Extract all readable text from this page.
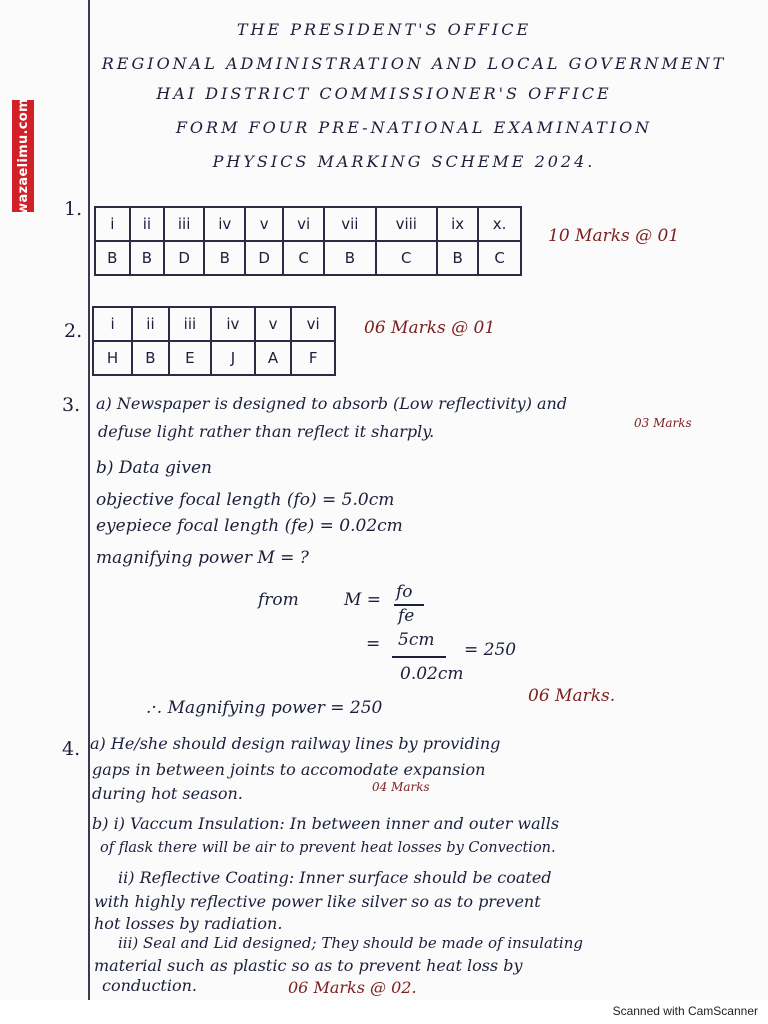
wazaelimu.com
THE PRESIDENT'S OFFICE
REGIONAL ADMINISTRATION AND LOCAL GOVERNMENT
HAI DISTRICT COMMISSIONER'S OFFICE
FORM FOUR PRE-NATIONAL EXAMINATION
PHYSICS MARKING SCHEME 2024.
1.
i	ii	iii	iv	v	vi	vii	viii	ix	x.
B	B	D	B	D	C	B	C	B	C
10 Marks @ 01
2. i	ii	iii	iv	v	vi
H	B	E	J	A	F
06 Marks @ 01
3. a) Newspaper is designed to absorb (Low reflectivity) and
defuse light rather than reflect it sharply.	03 Marks
b) Data given
objective focal length (fo) = 5.0cm
eyepiece focal length (fe) = 0.02cm
magnifying power M = ?
from	M = fo
fe
= 5cm
0.02cm
= 250
.·. Magnifying power = 250
06 Marks.
4. a) He/she should design railway lines by providing
gaps in between joints to accomodate expansion
during hot season.	04 Marks
b) i) Vaccum Insulation: In between inner and outer walls
of flask there will be air to prevent heat losses by Convection.
ii) Reflective Coating: Inner surface should be coated
with highly reflective power like silver so as to prevent
hot losses by radiation.
iii) Seal and Lid designed; They should be made of insulating
material such as plastic so as to prevent heat loss by
conduction.	06 Marks @ 02.
Scanned with CamScanner
